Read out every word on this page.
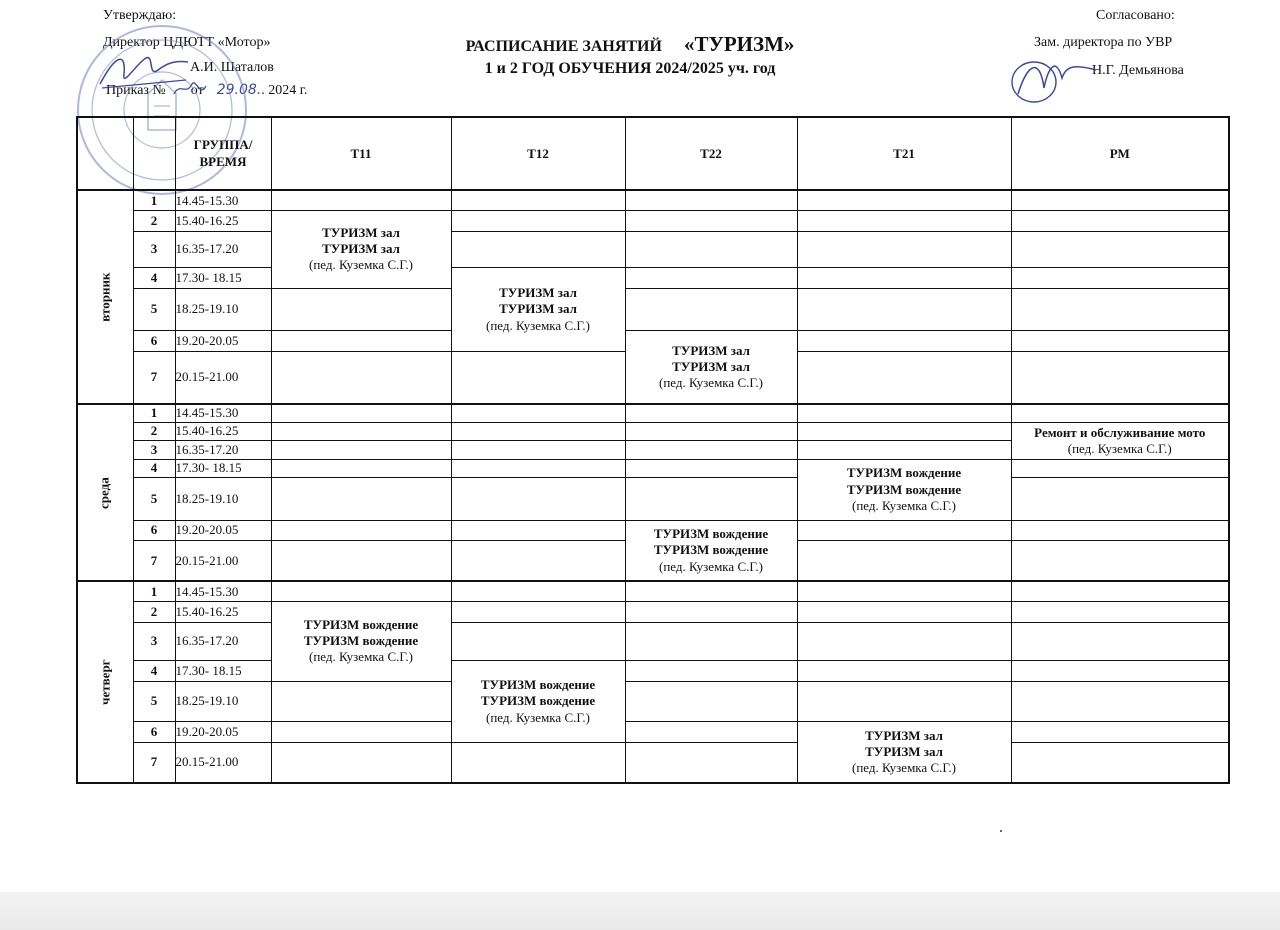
Утверждаю:
Директор ЦДЮТТ «Мотор»
А.И. Шаталов
Приказ № от 29.08.. 2024 г.
РАСПИСАНИЕ ЗАНЯТИЙ «ТУРИЗМ»
1 и 2 ГОД ОБУЧЕНИЯ 2024/2025 уч. год
Согласовано:
Зам. директора по УВР
Н.Г. Демьянова
		ГРУППА/ ВРЕМЯ	Т11	Т12	Т22	Т21	РМ
вторник	1	14.45-15.30					
	2	15.40-16.25	ТУРИЗМ зал
ТУРИЗМ зал
(пед. Куземка С.Г.)				

	3	16.35-17.20					
	4	17.30- 18.15		ТУРИЗМ зал
ТУРИЗМ зал
(пед. Куземка С.Г.)			

	5	18.25-19.10					
	6	19.20-20.05			ТУРИЗМ зал
ТУРИЗМ зал
(пед. Куземка С.Г.)		

	7	20.15-21.00					
среда	1	14.45-15.30					
	2	15.40-16.25					Ремонт и обслуживание мото
(пед. Куземка С.Г.)

	3	16.35-17.20					
	4	17.30- 18.15				ТУРИЗМ вождение
ТУРИЗМ вождение
(пед. Куземка С.Г.)	

	5	18.25-19.10					
	6	19.20-20.05			ТУРИЗМ вождение
ТУРИЗМ вождение
(пед. Куземка С.Г.)		

	7	20.15-21.00					
четверг	1	14.45-15.30					
	2	15.40-16.25	ТУРИЗМ вождение
ТУРИЗМ вождение
(пед. Куземка С.Г.)				

	3	16.35-17.20					
	4	17.30- 18.15		ТУРИЗМ вождение
ТУРИЗМ вождение
(пед. Куземка С.Г.)			

	5	18.25-19.10					
	6	19.20-20.05				ТУРИЗМ зал
ТУРИЗМ зал
(пед. Куземка С.Г.)	

	7	20.15-21.00					
